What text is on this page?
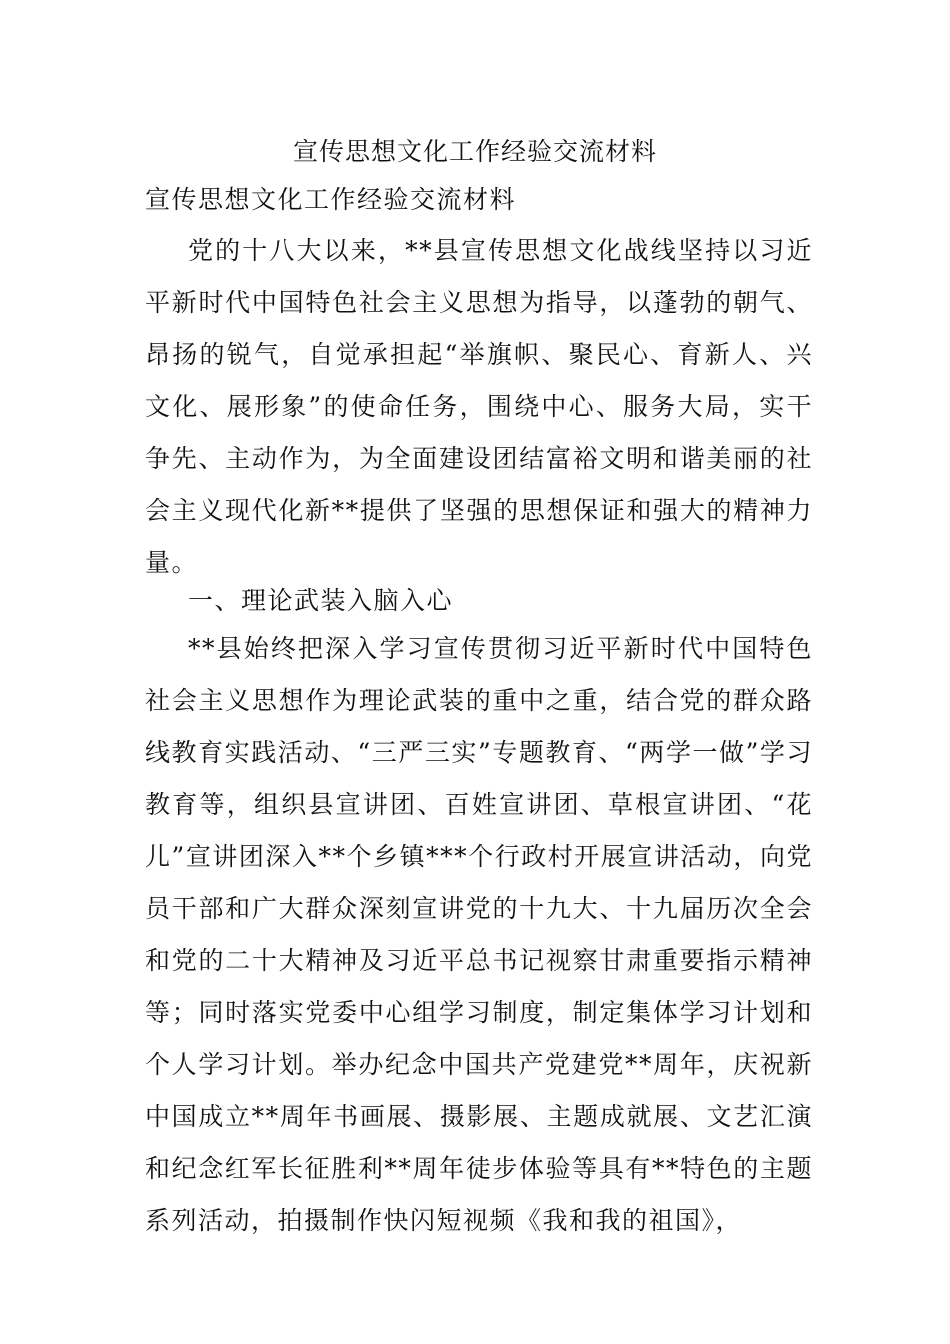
宣传思想文化工作经验交流材料

宣传思想文化工作经验交流材料

党的十八大以来，**县宣传思想文化战线坚持以习近平新时代中国特色社会主义思想为指导，以蓬勃的朝气、昂扬的锐气，自觉承担起“举旗帜、聚民心、育新人、兴文化、展形象”的使命任务，围绕中心、服务大局，实干争先、主动作为，为全面建设团结富裕文明和谐美丽的社会主义现代化新**提供了坚强的思想保证和强大的精神力量。

一、理论武装入脑入心

**县始终把深入学习宣传贯彻习近平新时代中国特色社会主义思想作为理论武装的重中之重，结合党的群众路线教育实践活动、“三严三实”专题教育、“两学一做”学习教育等，组织县宣讲团、百姓宣讲团、草根宣讲团、“花儿”宣讲团深入**个乡镇***个行政村开展宣讲活动，向党员干部和广大群众深刻宣讲党的十九大、十九届历次全会和党的二十大精神及习近平总书记视察甘肃重要指示精神等；同时落实党委中心组学习制度，制定集体学习计划和个人学习计划。举办纪念中国共产党建党**周年，庆祝新中国成立**周年书画展、摄影展、主题成就展、文艺汇演和纪念红军长征胜利**周年徒步体验等具有**特色的主题系列活动，拍摄制作快闪短视频《我和我的祖国》，
